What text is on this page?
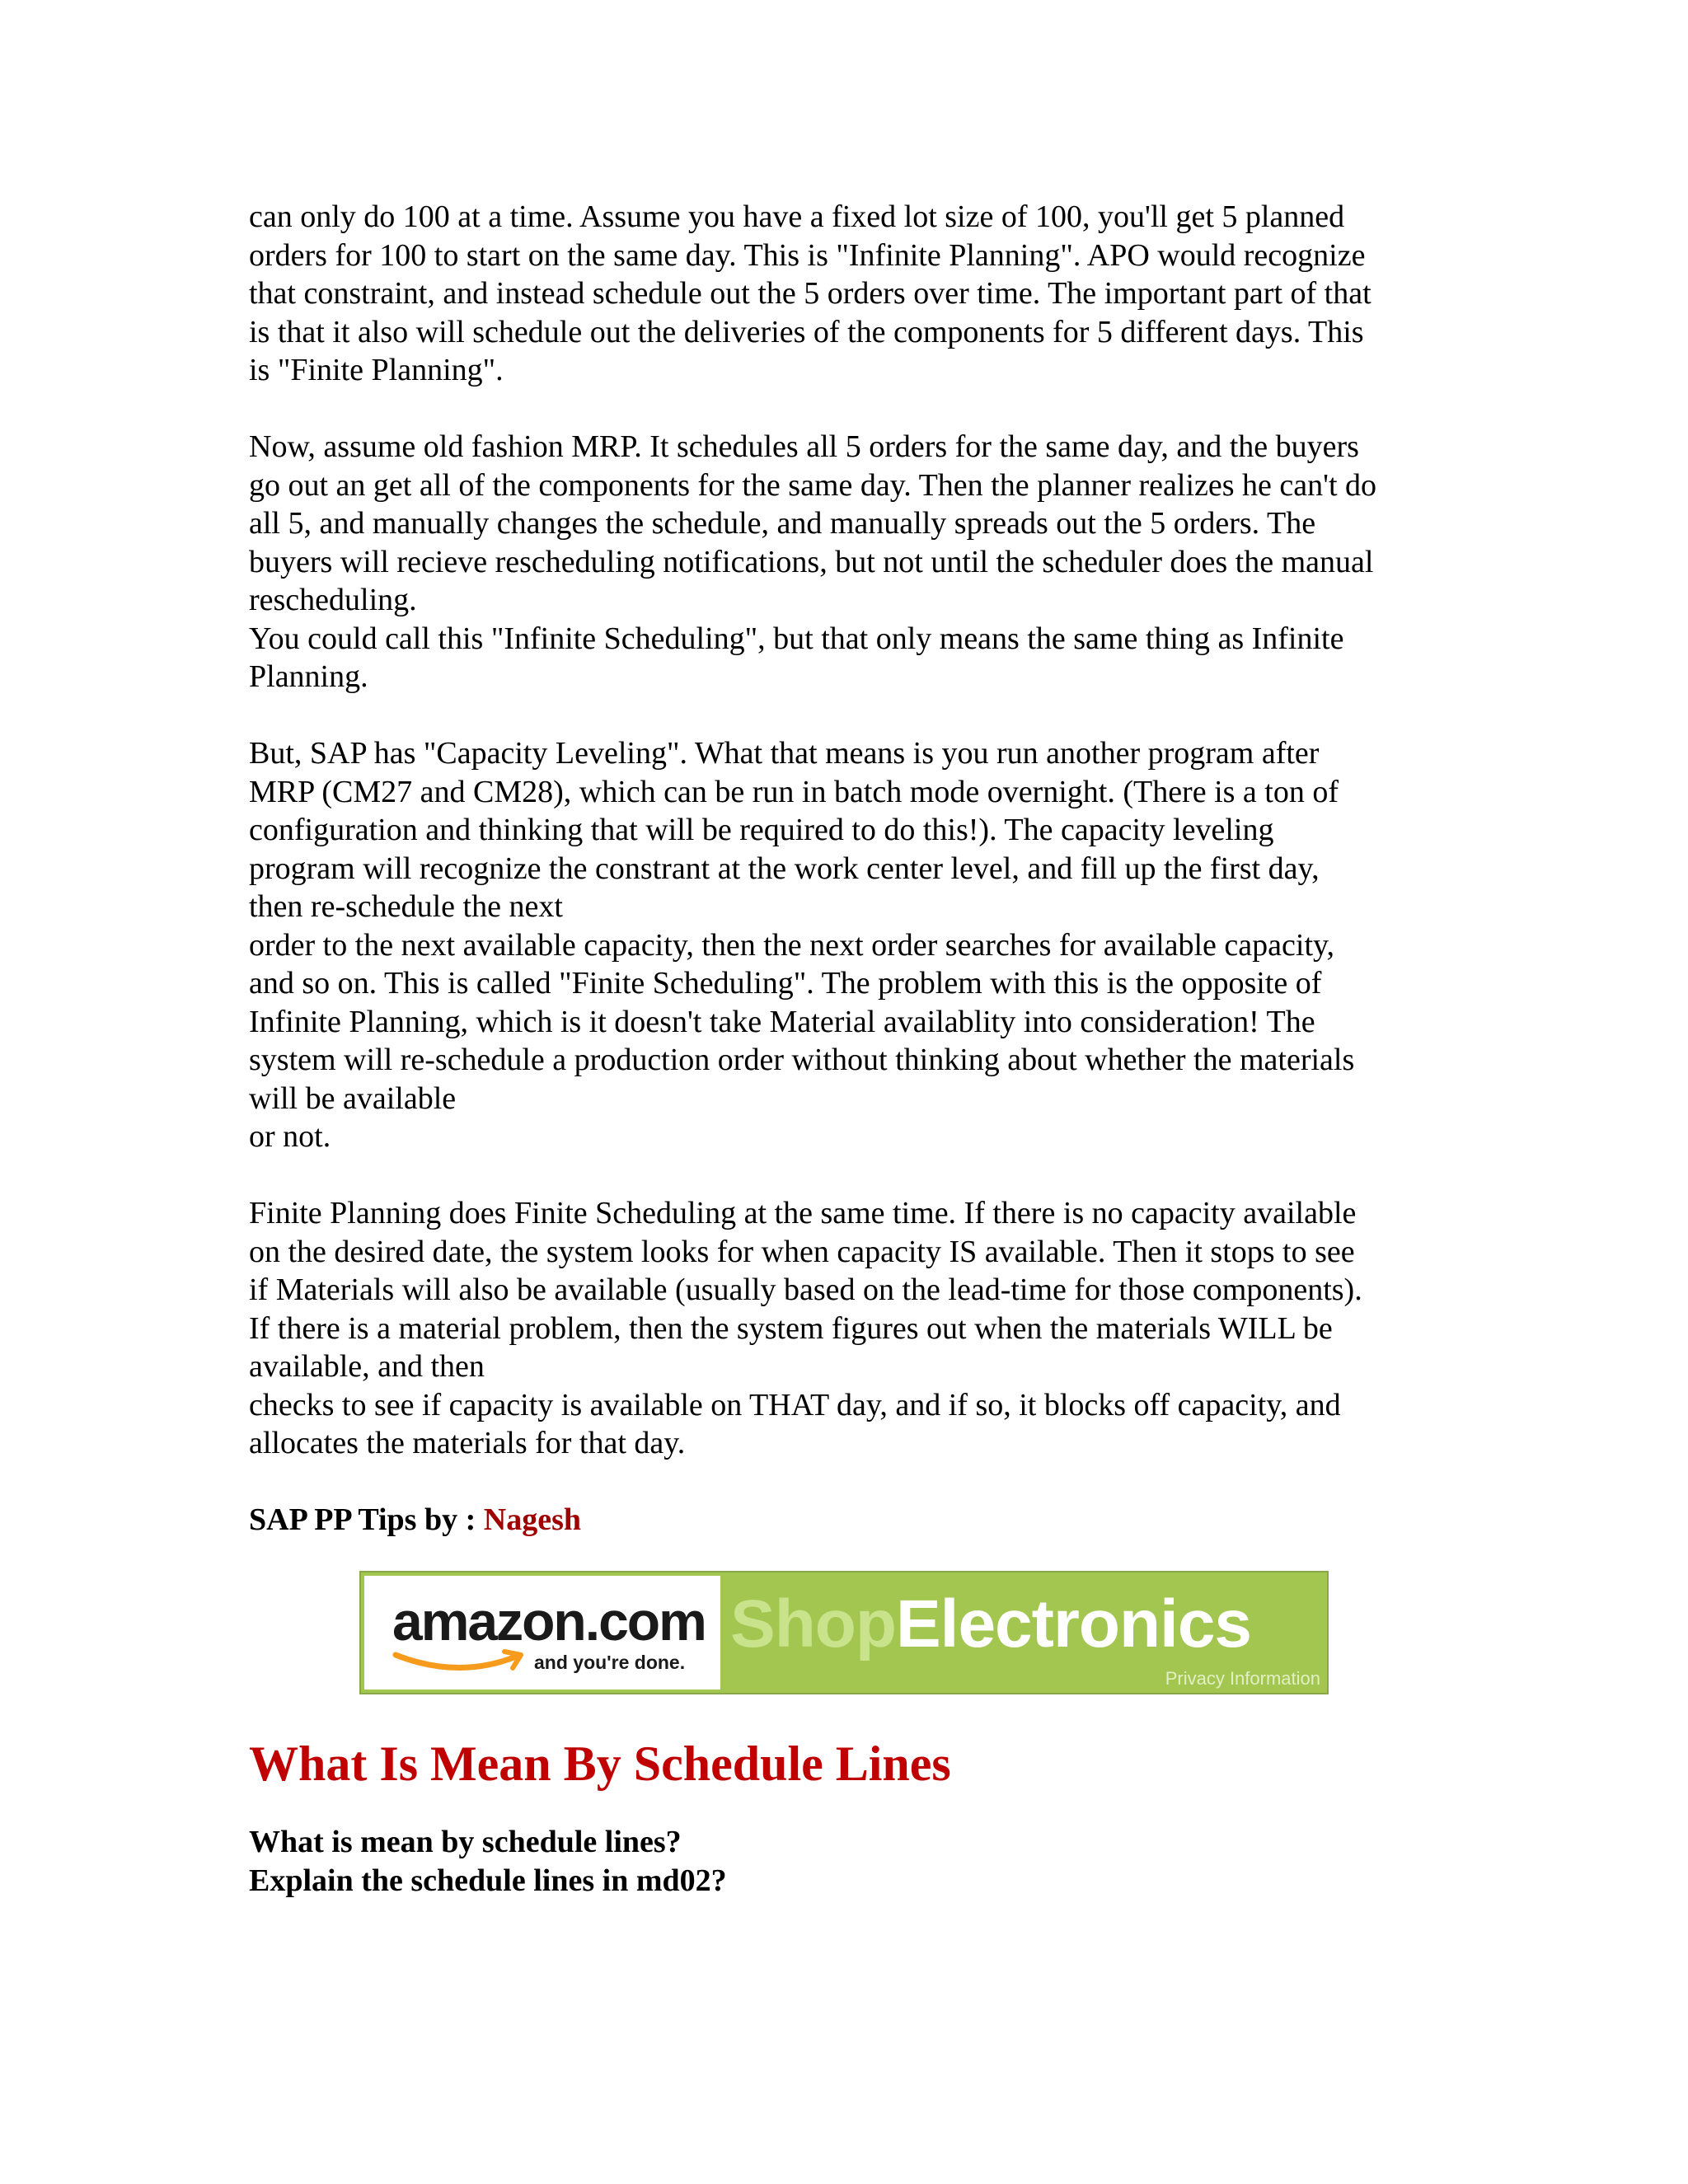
can only do 100 at a time. Assume you have a fixed lot size of 100, you'll get 5 planned
orders for 100 to start on the same day. This is "Infinite Planning". APO would recognize
that constraint, and instead schedule out the 5 orders over time. The important part of that
is that it also will schedule out the deliveries of the components for 5 different days. This
is "Finite Planning".

Now, assume old fashion MRP. It schedules all 5 orders for the same day, and the buyers
go out an get all of the components for the same day. Then the planner realizes he can't do
all 5, and manually changes the schedule, and manually spreads out the 5 orders. The
buyers will recieve rescheduling notifications, but not until the scheduler does the manual
rescheduling.
You could call this "Infinite Scheduling", but that only means the same thing as Infinite
Planning.

But, SAP has "Capacity Leveling". What that means is you run another program after
MRP (CM27 and CM28), which can be run in batch mode overnight. (There is a ton of
configuration and thinking that will be required to do this!). The capacity leveling
program will recognize the constrant at the work center level, and fill up the first day,
then re-schedule the next
order to the next available capacity, then the next order searches for available capacity,
and so on. This is called "Finite Scheduling". The problem with this is the opposite of
Infinite Planning, which is it doesn't take Material availablity into consideration! The
system will re-schedule a production order without thinking about whether the materials
will be available
or not.

Finite Planning does Finite Scheduling at the same time. If there is no capacity available
on the desired date, the system looks for when capacity IS available. Then it stops to see
if Materials will also be available (usually based on the lead-time for those components).
If there is a material problem, then the system figures out when the materials WILL be
available, and then
checks to see if capacity is available on THAT day, and if so, it blocks off capacity, and
allocates the materials for that day.

SAP PP Tips by : Nagesh

amazon.com
and you're done.
ShopElectronics
Privacy Information
What Is Mean By Schedule Lines
What is mean by schedule lines?
Explain the schedule lines in md02?
